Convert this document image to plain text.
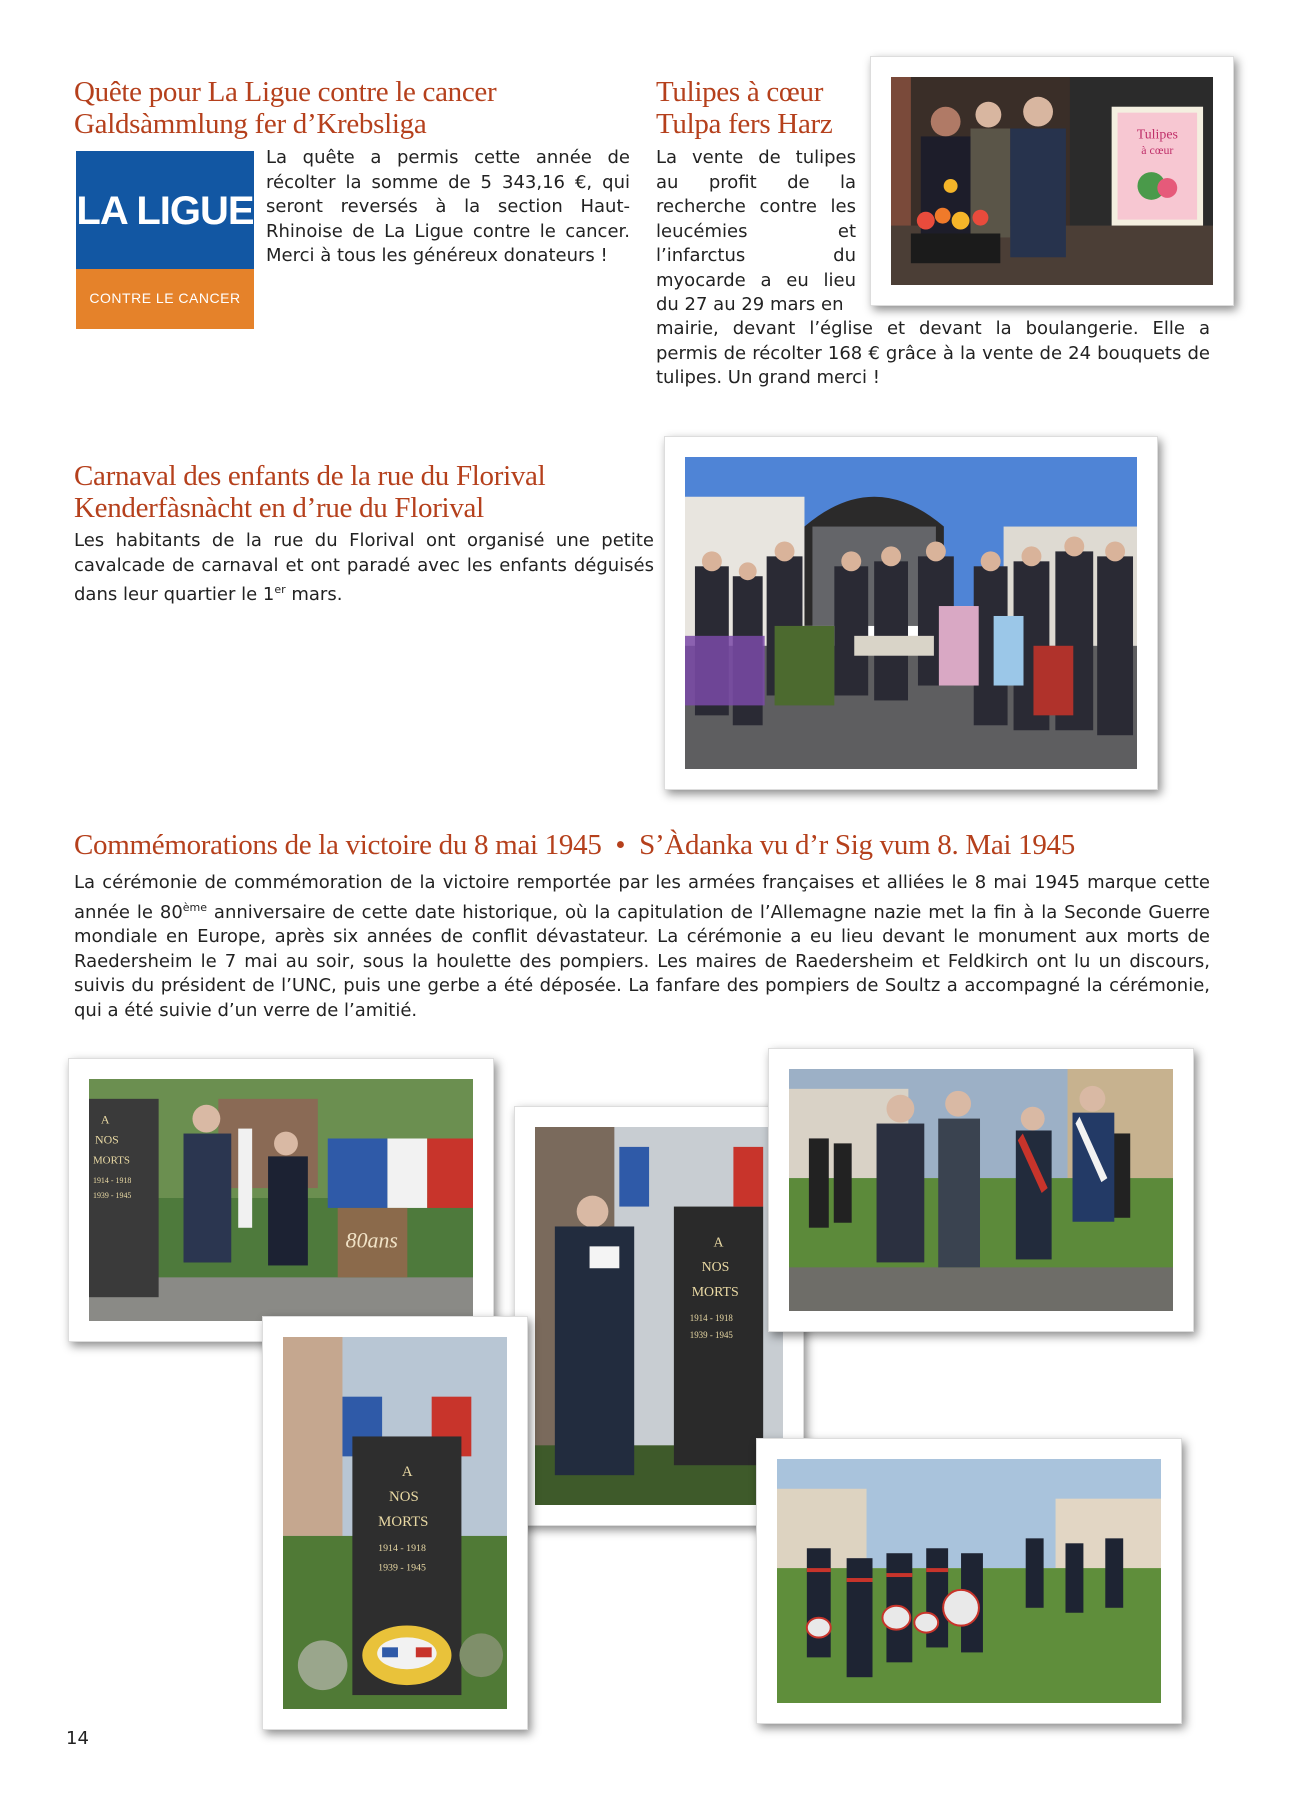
Quête pour La Ligue contre le cancer
Galdsàmmlung fer d’Krebsliga
LA LIGUE
CONTRE LE CANCER

La quête a permis cette année de récolter la somme de 5 343,16 €, qui seront reversés à la section Haut-Rhinoise de La Ligue contre le cancer. Merci à tous les généreux donateurs !

Tulipes à cœur
Tulpa fers Harz

La vente de tulipes au profit de la recherche contre les leucémies et l’infarctus du myocarde a eu lieu du 27 au 29 mars en

mairie, devant l’église et devant la boulangerie. Elle a permis de récolter 168 € grâce à la vente de 24 bouquets de tulipes. Un grand merci !

Tulipes
à cœur
Carnaval des enfants de la rue du Florival
Kenderfàsnàcht en d’rue du Florival

Les habitants de la rue du Florival ont organisé une petite cavalcade de carnaval et ont paradé avec les enfants déguisés dans leur quartier le 1er mars.

Commémorations de la victoire du 8 mai 1945  •  S’Àdanka vu d’r Sig vum 8. Mai 1945

La cérémonie de commémoration de la victoire remportée par les armées françaises et alliées le 8 mai 1945 marque cette année le 80ème anniversaire de cette date historique, où la capitulation de l’Allemagne nazie met la fin à la Seconde Guerre mondiale en Europe, après six années de conflit dévastateur. La cérémonie a eu lieu devant le monument aux morts de Raedersheim le 7 mai au soir, sous la houlette des pompiers. Les maires de Raedersheim et Feldkirch ont lu un discours, suivis du président de l’UNC, puis une gerbe a été déposée. La fanfare des pompiers de Soultz a accompagné la cérémonie, qui a été suivie d’un verre de l’amitié.

A
NOS
MORTS
1914 - 1918
1939 - 1945
80ans	A
NOS
MORTS
1914 - 1918
1939 - 1945
A
NOS
MORTS
1914 - 1918
1939 - 1945
14
